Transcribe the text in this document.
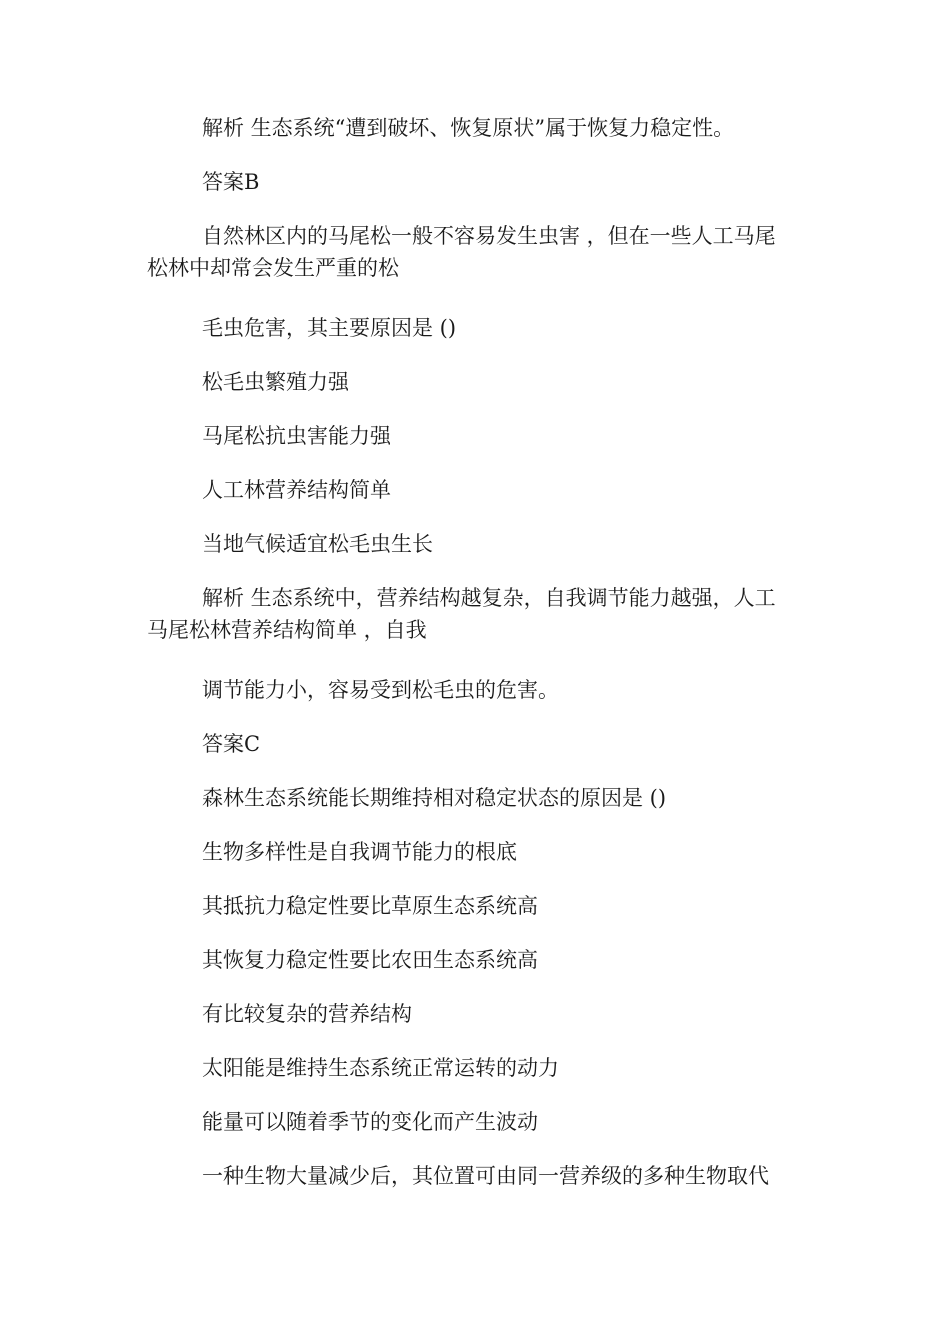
解析 生态系统“遭到破坏、恢复原状”属于恢复力稳定性。

答案B

自然林区内的马尾松一般不容易发生虫害 ，但在一些人工马尾
松林中却常会发生严重的松

毛虫危害，其主要原因是 ()

松毛虫繁殖力强

马尾松抗虫害能力强

人工林营养结构简单

当地气候适宜松毛虫生长

解析 生态系统中，营养结构越复杂，自我调节能力越强，人工
马尾松林营养结构简单 ，自我

调节能力小，容易受到松毛虫的危害。

答案C

森林生态系统能长期维持相对稳定状态的原因是 ()

生物多样性是自我调节能力的根底

其抵抗力稳定性要比草原生态系统高

其恢复力稳定性要比农田生态系统高

有比较复杂的营养结构

太阳能是维持生态系统正常运转的动力

能量可以随着季节的变化而产生波动

一种生物大量减少后，其位置可由同一营养级的多种生物取代
